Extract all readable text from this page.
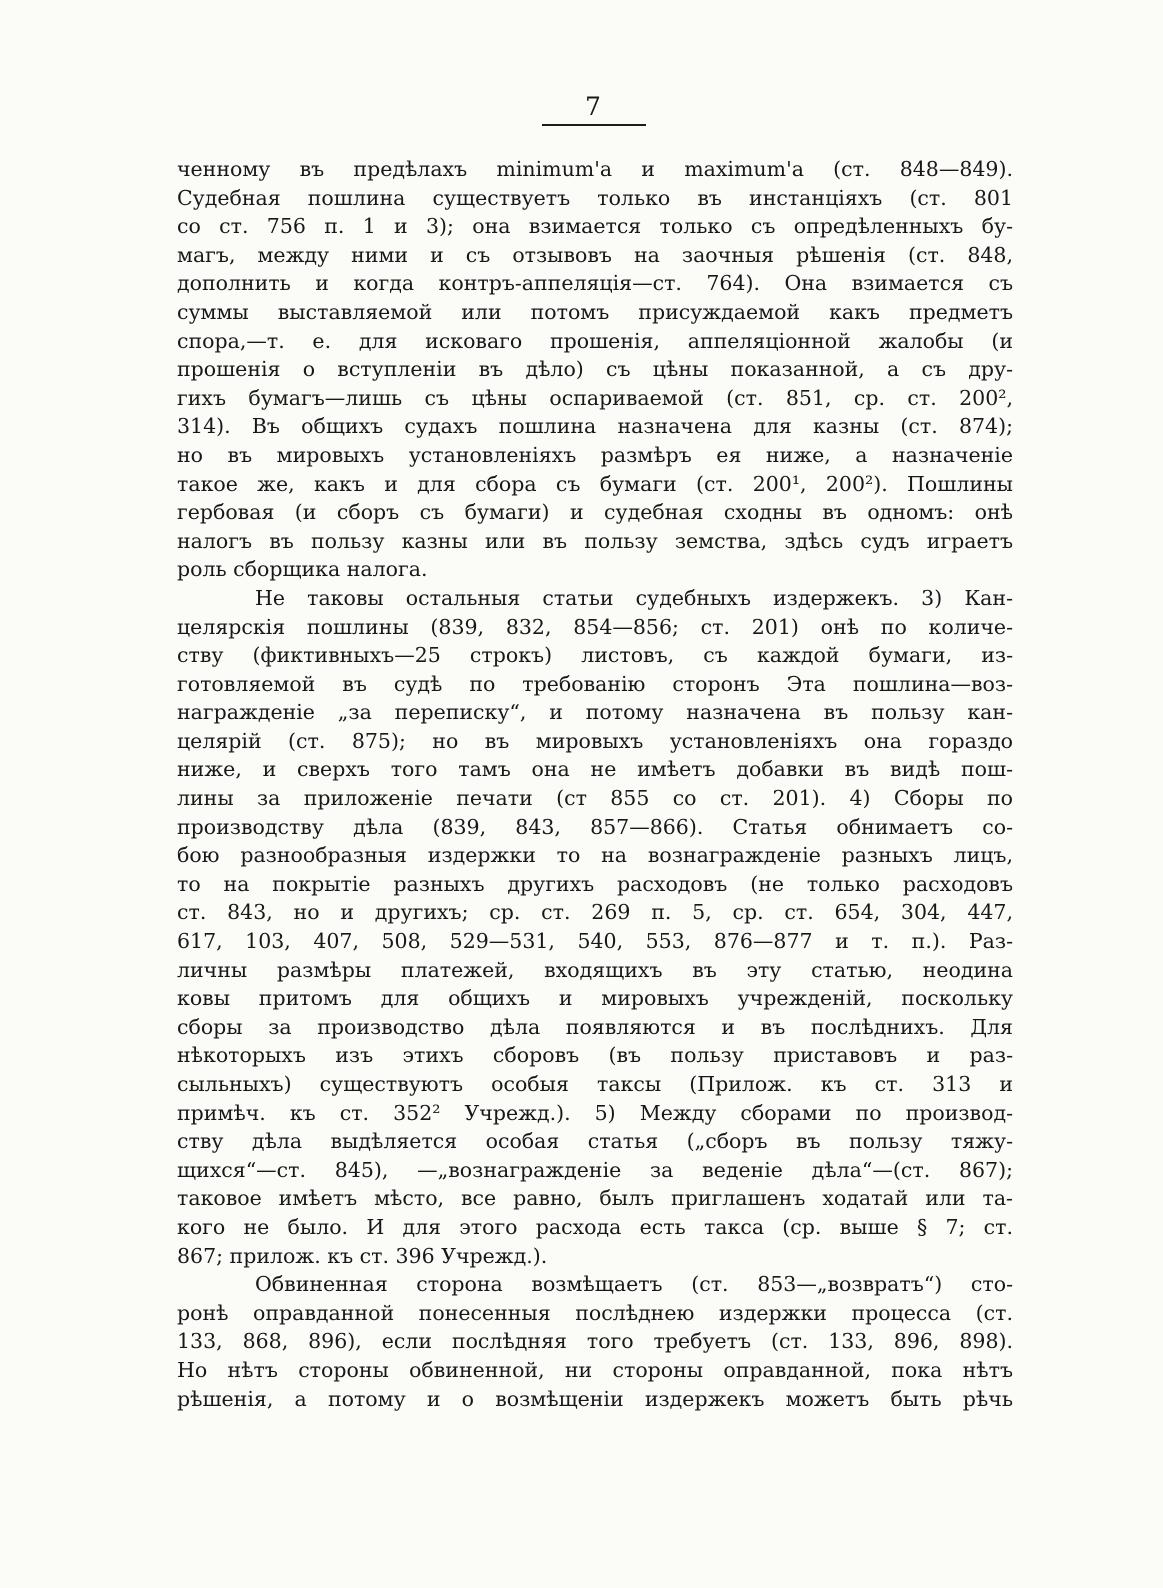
7
ченному въ предѣлахъ minimum'а и maximum'а (ст. 848—849).
Судебная пошлина существуетъ только въ инстанціяхъ (ст. 801
со ст. 756 п. 1 и 3); она взимается только съ опредѣленныхъ бу-
магъ, между ними и съ отзывовъ на заочныя рѣшенія (ст. 848,
дополнить и когда контръ-аппеляція—ст. 764). Она взимается съ
суммы выставляемой или потомъ присуждаемой какъ предметъ
спора,—т. е. для исковаго прошенія, аппеляціонной жалобы (и
прошенія о вступленіи въ дѣло) съ цѣны показанной, а съ дру-
гихъ бумагъ—лишь съ цѣны оспариваемой (ст. 851, ср. ст. 200²,
314). Въ общихъ судахъ пошлина назначена для казны (ст. 874);
но въ мировыхъ установленіяхъ размѣръ ея ниже, а назначеніе
такое же, какъ и для сбора съ бумаги (ст. 200¹, 200²). Пошлины
гербовая (и сборъ съ бумаги) и судебная сходны въ одномъ: онѣ
налогъ въ пользу казны или въ пользу земства, здѣсь судъ играетъ
роль сборщика налога.
Не таковы остальныя статьи судебныхъ издержекъ. 3) Кан-
целярскія пошлины (839, 832, 854—856; ст. 201) онѣ по количе-
ству (фиктивныхъ—25 строкъ) листовъ, съ каждой бумаги, из-
готовляемой въ судѣ по требованію сторонъ Эта пошлина—воз-
награжденіе „за переписку“, и потому назначена въ пользу кан-
целярій (ст. 875); но въ мировыхъ установленіяхъ она гораздо
ниже, и сверхъ того тамъ она не имѣетъ добавки въ видѣ пош-
лины за приложеніе печати (ст 855 со ст. 201). 4) Сборы по
производству дѣла (839, 843, 857—866). Статья обнимаетъ со-
бою разнообразныя издержки то на вознагражденіе разныхъ лицъ,
то на покрытіе разныхъ другихъ расходовъ (не только расходовъ
ст. 843, но и другихъ; ср. ст. 269 п. 5, ср. ст. 654, 304, 447,
617, 103, 407, 508, 529—531, 540, 553, 876—877 и т. п.). Раз-
личны размѣры платежей, входящихъ въ эту статью, неодина
ковы притомъ для общихъ и мировыхъ учрежденій, поскольку
сборы за производство дѣла появляются и въ послѣднихъ. Для
нѣкоторыхъ изъ этихъ сборовъ (въ пользу приставовъ и раз-
сыльныхъ) существуютъ особыя таксы (Прилож. къ ст. 313 и
примѣч. къ ст. 352² Учрежд.). 5) Между сборами по производ-
ству дѣла выдѣляется особая статья („сборъ въ пользу тяжу-
щихся“—ст. 845), —„вознагражденіе за веденіе дѣла“—(ст. 867);
таковое имѣетъ мѣсто, все равно, былъ приглашенъ ходатай или та-
кого не было. И для этого расхода есть такса (ср. выше § 7; ст.
867; прилож. къ ст. 396 Учрежд.).
Обвиненная сторона возмѣщаетъ (ст. 853—„возвратъ“) сто-
ронѣ оправданной понесенныя послѣднею издержки процесса (ст.
133, 868, 896), если послѣдняя того требуетъ (ст. 133, 896, 898).
Но нѣтъ стороны обвиненной, ни стороны оправданной, пока нѣтъ
рѣшенія, а потому и о возмѣщеніи издержекъ можетъ быть рѣчь
